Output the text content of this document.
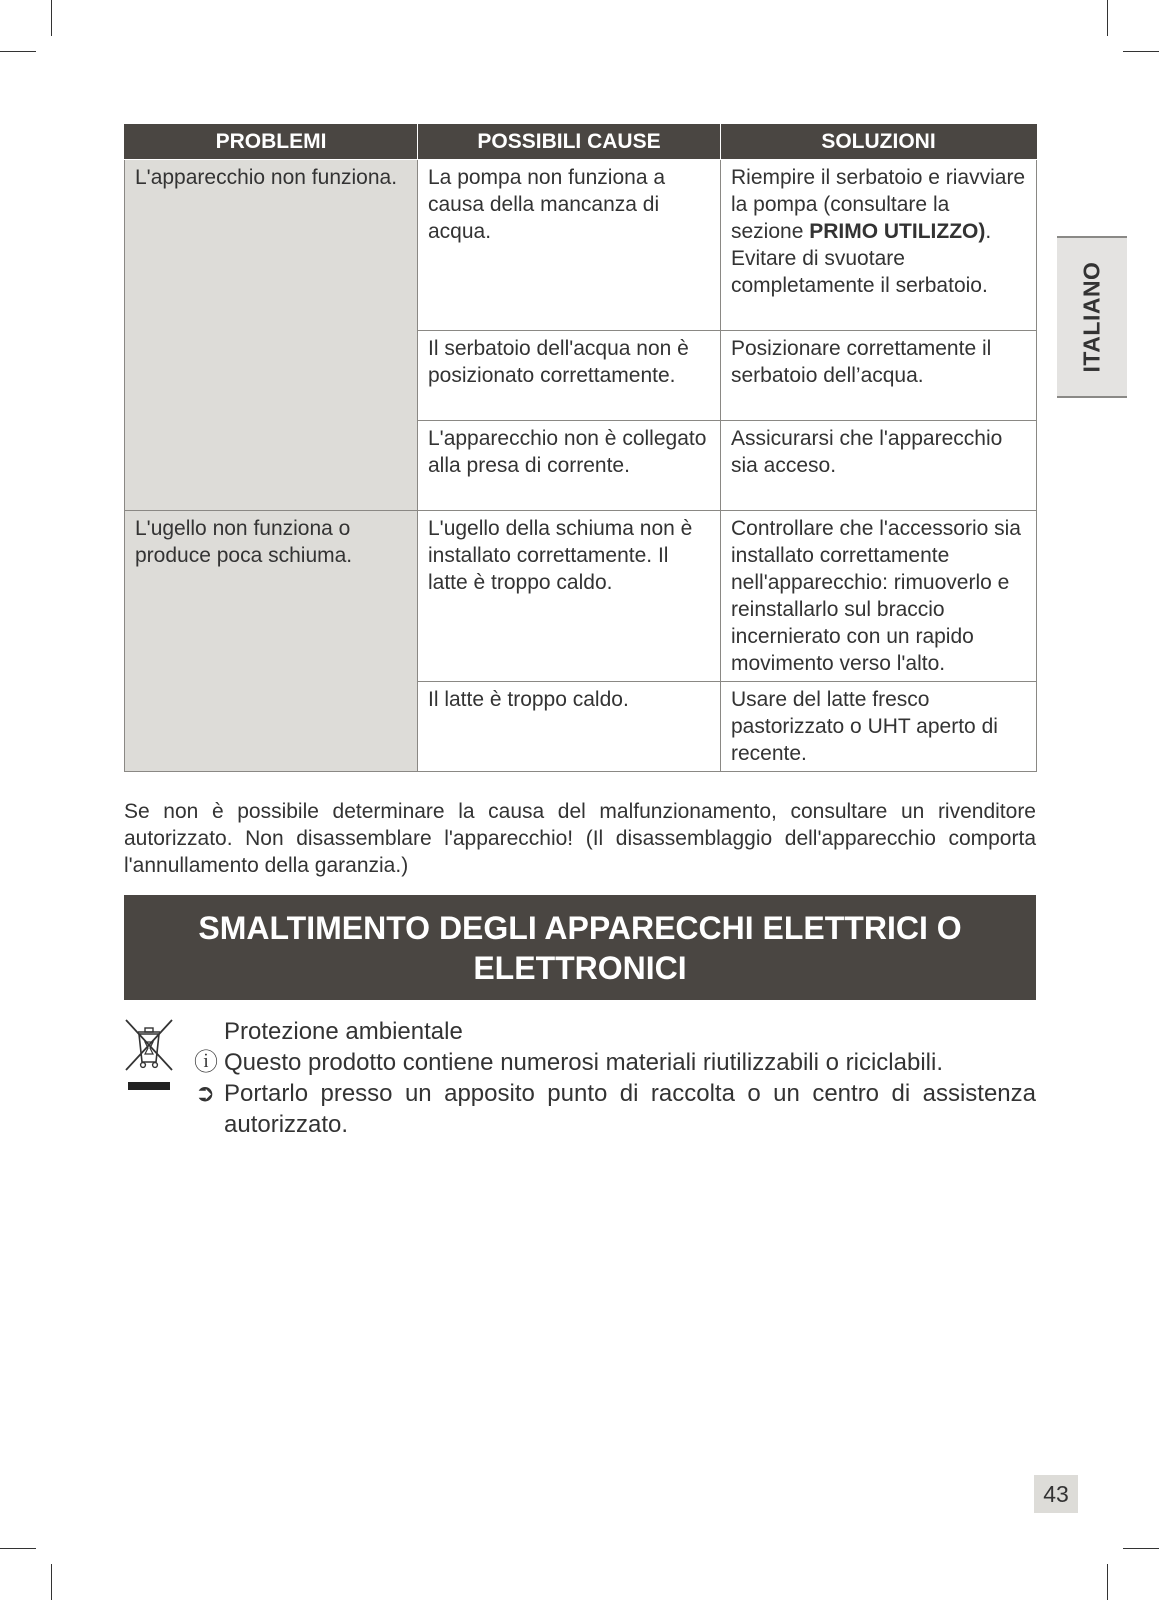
ITALIANO
PROBLEMI	POSSIBILI CAUSE	SOLUZIONI
L'apparecchio non funziona.	La pompa non funziona a causa della mancanza di acqua.	Riempire il serbatoio e riavviare la pompa (consultare la sezione PRIMO UTILIZZO). Evitare di svuotare completamente il serbatoio.
	Il serbatoio dell'acqua non è posizionato correttamente.	Posizionare correttamente il serbatoio dell’acqua.
	L'apparecchio non è collegato alla presa di corrente.	Assicurarsi che l'apparecchio sia acceso.
L'ugello non funziona o produce poca schiuma.	L'ugello della schiuma non è installato correttamente. Il latte è troppo caldo.	Controllare che l'accessorio sia installato correttamente nell'apparecchio: rimuoverlo e reinstallarlo sul braccio incernierato con un rapido movimento verso l'alto.
	Il latte è troppo caldo.	Usare del latte fresco pastorizzato o UHT aperto di recente.

Se non è possibile determinare la causa del malfunzionamento, consultare un rivenditore autorizzato. Non disassemblare l'apparecchio! (Il disassemblaggio dell'apparecchio comporta l'annullamento della garanzia.)

SMALTIMENTO DEGLI APPARECCHI ELETTRICI O ELETTRONICI
Protezione ambientale
ⓘ Questo prodotto contiene numerosi materiali riutilizzabili o riciclabili.
➲ Portarlo presso un apposito punto di raccolta o un centro di assistenza autorizzato.
43
